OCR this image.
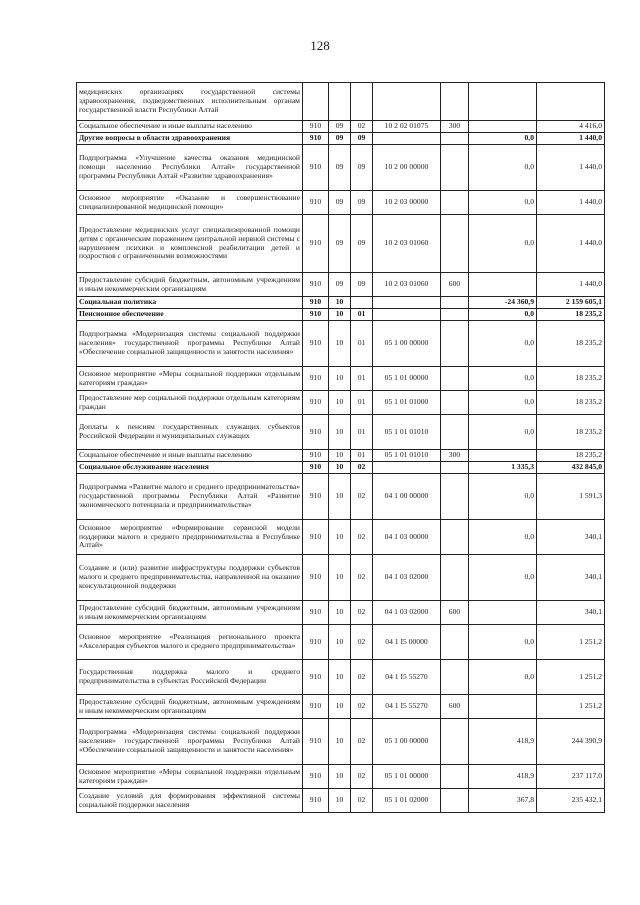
128
медицинских организациях государственной системы здравоохранения, подведомственных исполнительным органам государственной власти Республики Алтай							
Социальное обеспечение и иные выплаты населению	910	09	02	10 2 02 01075	300		4 416,0
Другие вопросы в области здравоохранения	910	09	09			0,0	1 440,0
Подпрограмма «Улучшение качества оказания медицинской помощи населению Республики Алтай» государственной программы Республики Алтай «Развитие здравоохранения»	910	09	09	10 2 00 00000		0,0	1 440,0
Основное мероприятие «Оказание и совершенствование специализированной медицинской помощи»	910	09	09	10 2 03 00000		0,0	1 440,0
Предоставление медицинских услуг специализированной помощи детям с органическим поражением центральной нервной системы с нарушением психики и комплексной реабилитации детей и подростков с ограниченными возможностями	910	09	09	10 2 03 01060		0,0	1 440,0
Предоставление субсидий бюджетным, автономным учреждениям и иным некоммерческим организациям	910	09	09	10 2 03 01060	600		1 440,0
Социальная политика	910	10				-24 360,9	2 159 605,1
Пенсионное обеспечение	910	10	01			0,0	18 235,2
Подпрограмма «Модернизация системы социальной поддержки населения» государственной программы Республики Алтай «Обеспечение социальной защищенности и занятости населения»	910	10	01	05 1 00 00000		0,0	18 235,2
Основное мероприятие «Меры социальной поддержки отдельным категориям граждан»	910	10	01	05 1 01 00000		0,0	18 235,2
Предоставление мер социальной поддержки отдельным категориям граждан	910	10	01	05 1 01 01000		0,0	18 235,2
Доплаты к пенсиям государственных служащих субъектов Российской Федерации и муниципальных служащих	910	10	01	05 1 01 01010		0,0	18 235,2
Социальное обеспечение и иные выплаты населению	910	10	01	05 1 01 01010	300		18 235,2
Социальное обслуживание населения	910	10	02			1 335,3	432 845,0
Подпрограмма «Развитие малого и среднего предпринимательства» государственной программы Республики Алтай «Развитие экономического потенциала и предпринимательства»	910	10	02	04 1 00 00000		0,0	1 591,3
Основное мероприятие «Формирование сервисной модели поддержки малого и среднего предпринимательства в Республике Алтай»	910	10	02	04 1 03 00000		0,0	340,1
Создание и (или) развитие инфраструктуры поддержки субъектов малого и среднего предпринимательства, направленной на оказание консультационной поддержки	910	10	02	04 1 03 02000		0,0	340,1
Предоставление субсидий бюджетным, автономным учреждениям и иным некоммерческим организациям	910	10	02	04 1 03 02000	600		340,1
Основное мероприятие «Реализация регионального проекта «Акселерация субъектов малого и среднего предпринимательства»	910	10	02	04 1 I5 00000		0,0	1 251,2
Государственная поддержка малого и среднего предпринимательства в субъектах Российской Федерации	910	10	02	04 1 I5 55270		0,0	1 251,2
Предоставление субсидий бюджетным, автономным учреждениям и иным некоммерческим организациям	910	10	02	04 1 I5 55270	600		1 251,2
Подпрограмма «Модернизация системы социальной поддержки населения» государственной программы Республики Алтай «Обеспечение социальной защищенности и занятости населения»	910	10	02	05 1 00 00000		418,9	244 390,9
Основное мероприятие «Меры социальной поддержки отдельным категориям граждан»	910	10	02	05 1 01 00000		418,9	237 117,0
Создание условий для формирования эффективной системы социальной поддержки населения	910	10	02	05 1 01 02000		367,8	235 432,1
